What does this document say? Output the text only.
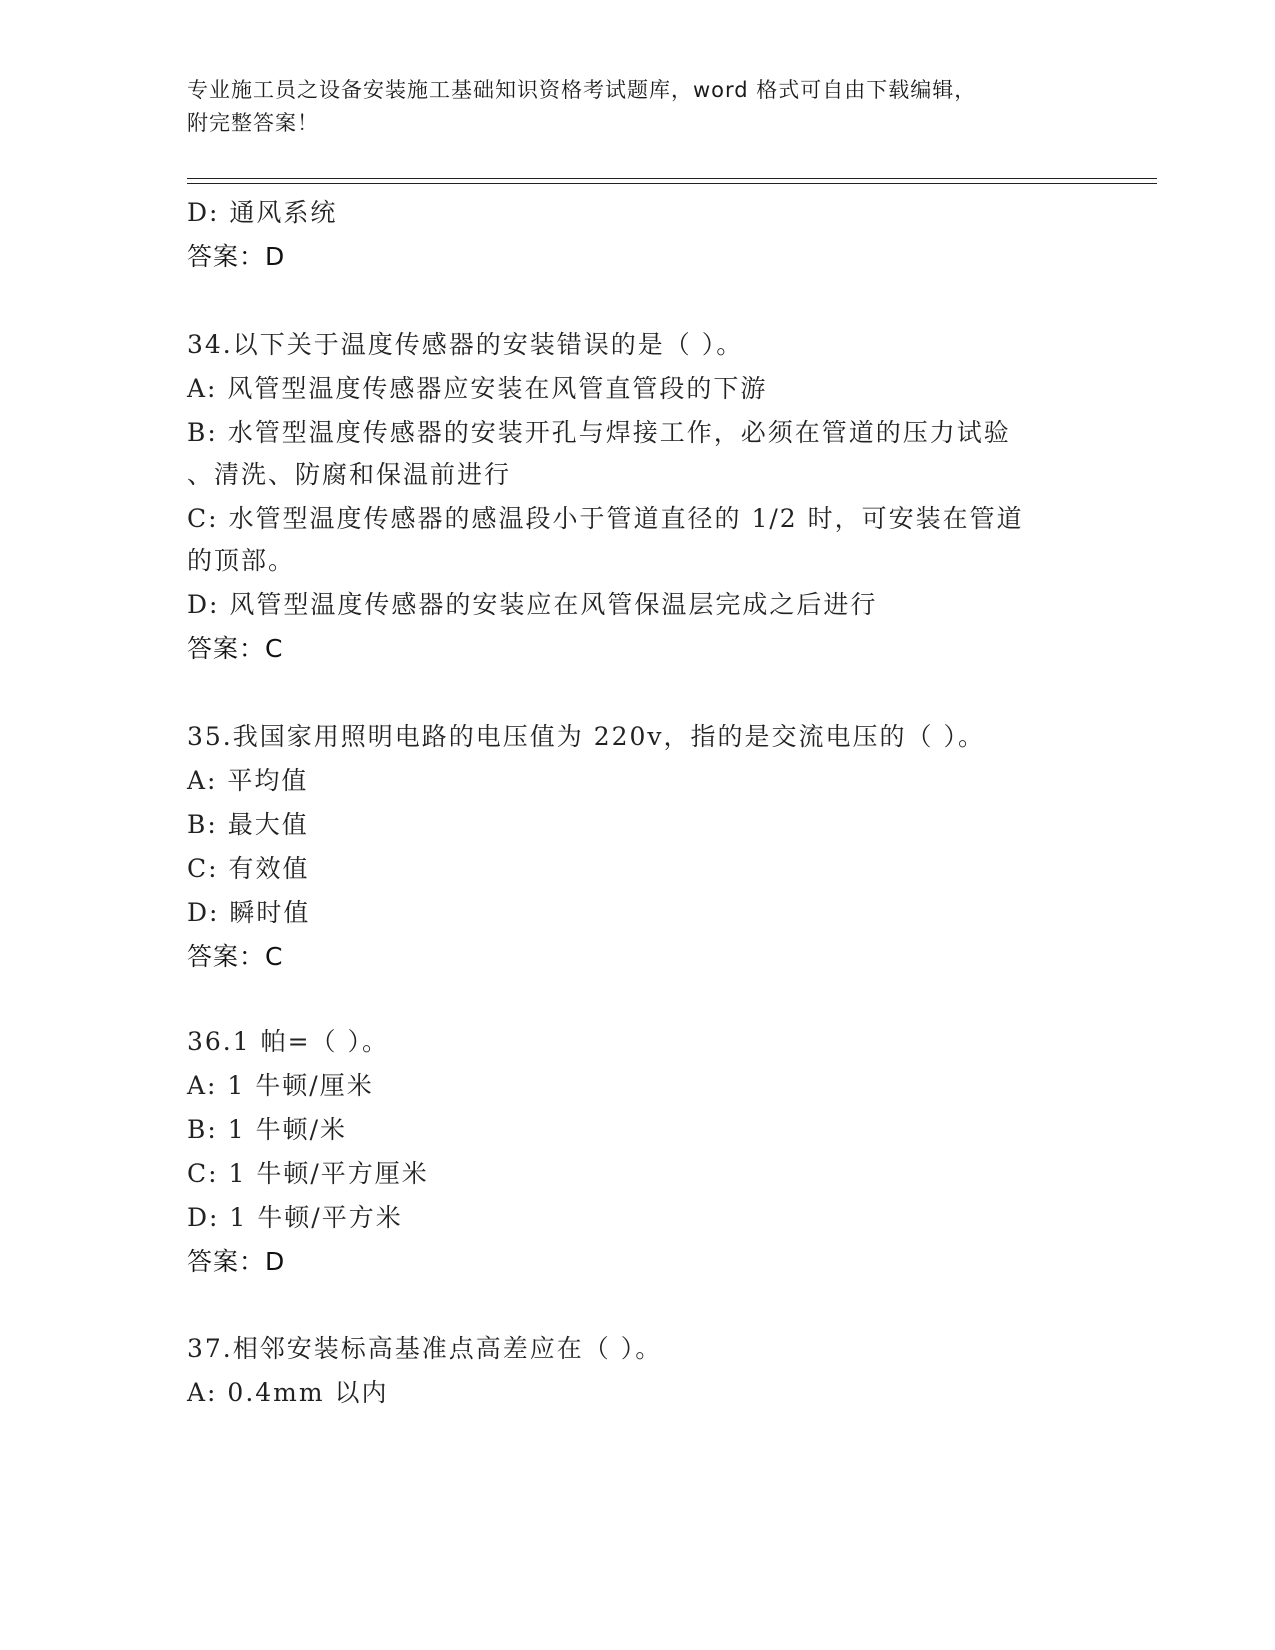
专业施工员之设备安装施工基础知识资格考试题库，word 格式可自由下载编辑，
附完整答案！
D: 通风系统
答案：D
34.以下关于温度传感器的安装错误的是（ ）。
A: 风管型温度传感器应安装在风管直管段的下游
B: 水管型温度传感器的安装开孔与焊接工作，必须在管道的压力试验
、清洗、防腐和保温前进行
C: 水管型温度传感器的感温段小于管道直径的 1/2 时，可安装在管道
的顶部。
D: 风管型温度传感器的安装应在风管保温层完成之后进行
答案：C
35.我国家用照明电路的电压值为 220v，指的是交流电压的（ ）。
A: 平均值
B: 最大值
C: 有效值
D: 瞬时值
答案：C
36.1 帕=（ ）。
A: 1 牛顿/厘米
B: 1 牛顿/米
C: 1 牛顿/平方厘米
D: 1 牛顿/平方米
答案：D
37.相邻安装标高基准点高差应在（ ）。
A: 0.4mm 以内
